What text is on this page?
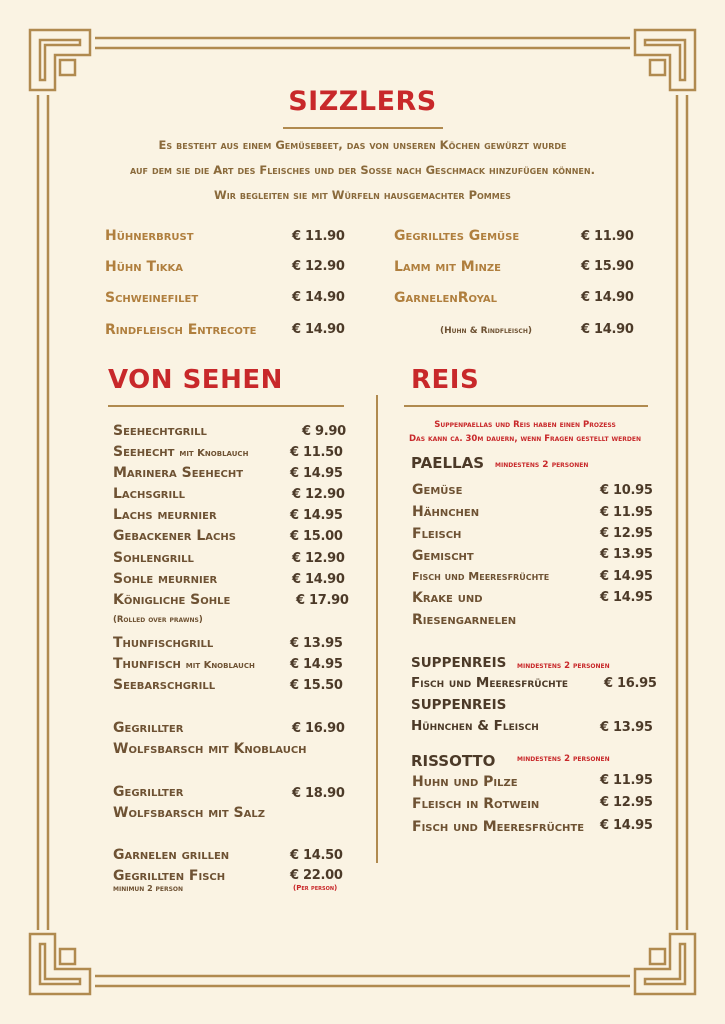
SIZZLERS
Es besteht aus einem Gemüsebeet, das von unseren Köchen gewürzt wurde
auf dem sie die Art des Fleisches und der Soße nach Geschmack hinzufügen können.
Wir begleiten sie mit Würfeln hausgemachter Pommes
Hühnerbrust	€ 11.90
Hühn Tikka	€ 12.90
Schweinefilet	€ 14.90
Rindfleisch Entrecote	€ 14.90
Gegrilltes Gemüse	€ 11.90
Lamm mit Minze	€ 15.90
GarnelenRoyal	€ 14.90
(Huhn & Rindfleisch)	€ 14.90
VON SEHEN
Seehechtgrill	€ 9.90
Seehecht mit Knoblauch	€ 11.50
Marinera Seehecht	€ 14.95
Lachsgrill	€ 12.90
Lachs meurnier	€ 14.95
Gebackener Lachs	€ 15.00
Sohlengrill	€ 12.90
Sohle meurnier	€ 14.90
Königliche Sohle	€ 17.90
(Rolled over prawns)
Thunfischgrill	€ 13.95
Thunfisch mit Knoblauch	€ 14.95
Seebarschgrill	€ 15.50
Gegrillter
Wolfsbarsch mit Knoblauch
€ 16.90
Gegrillter
Wolfsbarsch mit Salz
€ 18.90
Garnelen grillen	€ 14.50
Gegrillten Fisch	€ 22.00
minimun 2 person	(Per person)
REIS
Suppenpaellas und Reis haben einen Prozess
Das kann ca. 30m dauern, wenn Fragen gestellt werden
PAELLAS mindestens 2 personen
Gemüse	€ 10.95
Hähnchen	€ 11.95
Fleisch	€ 12.95
Gemischt	€ 13.95
Fisch und Meeresfrüchte	€ 14.95
Krake und	€ 14.95
Riesengarnelen
SUPPENREIS mindestens 2 personen
Fisch und Meeresfrüchte	€ 16.95
SUPPENREIS
Hühnchen & Fleisch	€ 13.95
RISSOTTO	mindestens 2 personen
Huhn und Pilze	€ 11.95
Fleisch in Rotwein	€ 12.95
Fisch und Meeresfrüchte € 14.95
